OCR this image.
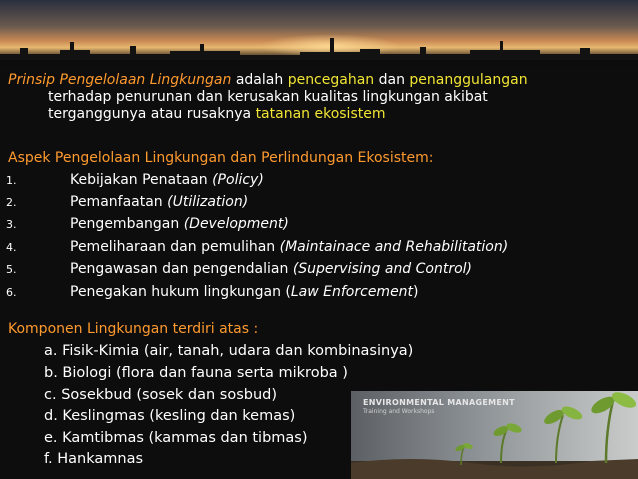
Prinsip Pengelolaan Lingkungan adalah pencegahan dan penanggulangan
terhadap penurunan dan kerusakan kualitas lingkungan akibat
terganggunya atau rusaknya tatanan ekosistem
Aspek Pengelolaan Lingkungan dan Perlindungan Ekosistem:
1.	Kebijakan Penataan (Policy)
2.	Pemanfaatan (Utilization)
3.	Pengembangan (Development)
4.	Pemeliharaan dan pemulihan (Maintainace and Rehabilitation)
5.	Pengawasan dan pengendalian (Supervising and Control)
6.	Penegakan hukum lingkungan (Law Enforcement)
Komponen Lingkungan terdiri atas :
a. Fisik-Kimia (air, tanah, udara dan kombinasinya)
b. Biologi (flora dan fauna serta mikroba )
c. Sosekbud (sosek dan sosbud)
d. Keslingmas (kesling dan kemas)
e. Kamtibmas (kammas dan tibmas)
f. Hankamnas
ENVIRONMENTAL MANAGEMENT
Training and Workshops
